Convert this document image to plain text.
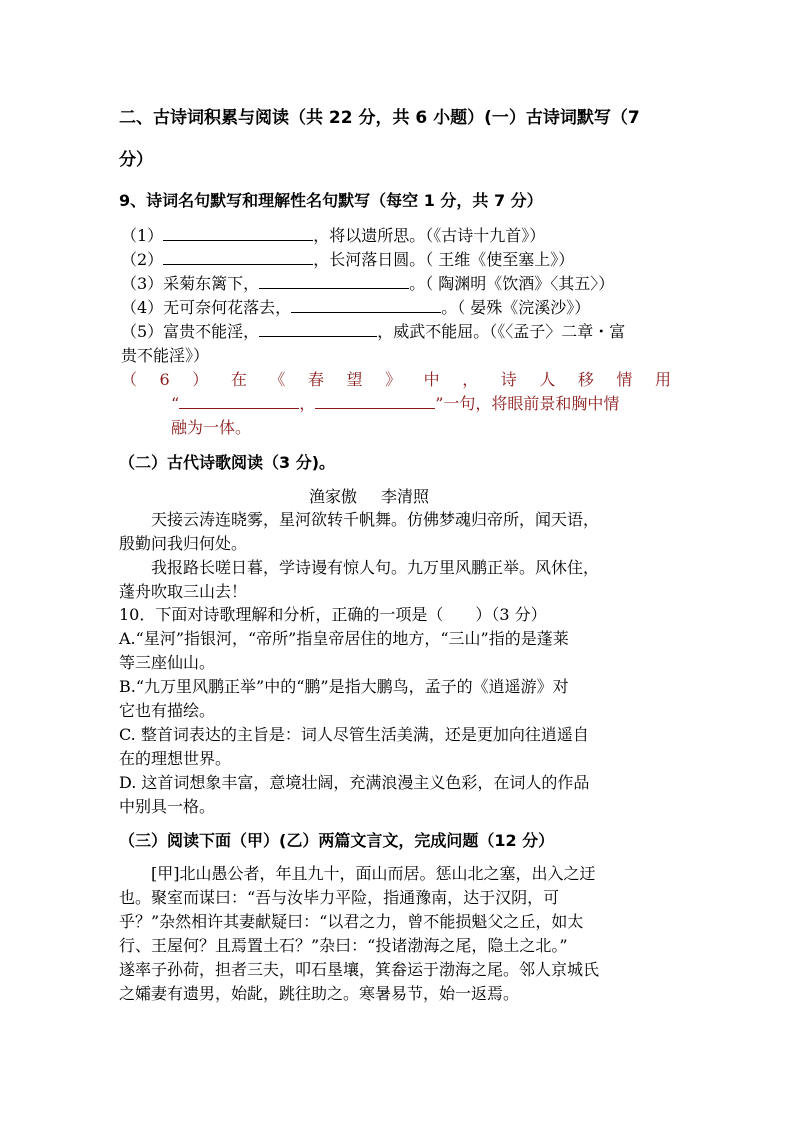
二、古诗词积累与阅读（共 22 分，共 6 小题）(一）古诗词默写（7
分）
9、诗词名句默写和理解性名句默写（每空 1 分，共 7 分）
（1）	，将以遗所思。（《古诗十九首》）
（2）	，长河落日圆。（ 王维《使至塞上》）
（3）采菊东篱下，	。（ 陶渊明《饮酒》〈其五〉）
（4）无可奈何花落去，	。（ 晏殊《浣溪沙》）
（5）富贵不能淫，	，威武不能屈。（《〈孟子〉二章・富
贵不能淫》）
（6）在《春望》中，诗人移情用
“	，	”一句，将眼前景和胸中情
融为一体。
（二）古代诗歌阅读（3 分)。
渔家傲 李清照
天接云涛连晓雾，星河欲转千帆舞。仿佛梦魂归帝所，闻天语，
殷勤问我归何处。
我报路长嗟日暮，学诗谩有惊人句。九万里风鹏正举。风休住，
蓬舟吹取三山去！
10．下面对诗歌理解和分析，正确的一项是（　　）（3 分）
A.“星河”指银河，“帝所”指皇帝居住的地方，“三山”指的是蓬莱
等三座仙山。
B.“九万里风鹏正举”中的“鹏”是指大鹏鸟，孟子的《逍遥游》对
它也有描绘。
C. 整首词表达的主旨是：词人尽管生活美满，还是更加向往逍遥自
在的理想世界。
D. 这首词想象丰富，意境壮阔，充满浪漫主义色彩，在词人的作品
中别具一格。
（三）阅读下面（甲）(乙）两篇文言文，完成问题（12 分）
[甲]北山愚公者，年且九十，面山而居。惩山北之塞，出入之迂
也。聚室而谋曰：“吾与汝毕力平险，指通豫南，达于汉阴，可
乎？”杂然相许其妻献疑曰：“以君之力，曾不能损魁父之丘，如太
行、王屋何？且焉置土石？”杂曰：“投诸渤海之尾，隐土之北。”
遂率子孙荷，担者三夫，叩石垦壤，箕畚运于渤海之尾。邻人京城氏
之孀妻有遗男，始龀，跳往助之。寒暑易节，始一返焉。
